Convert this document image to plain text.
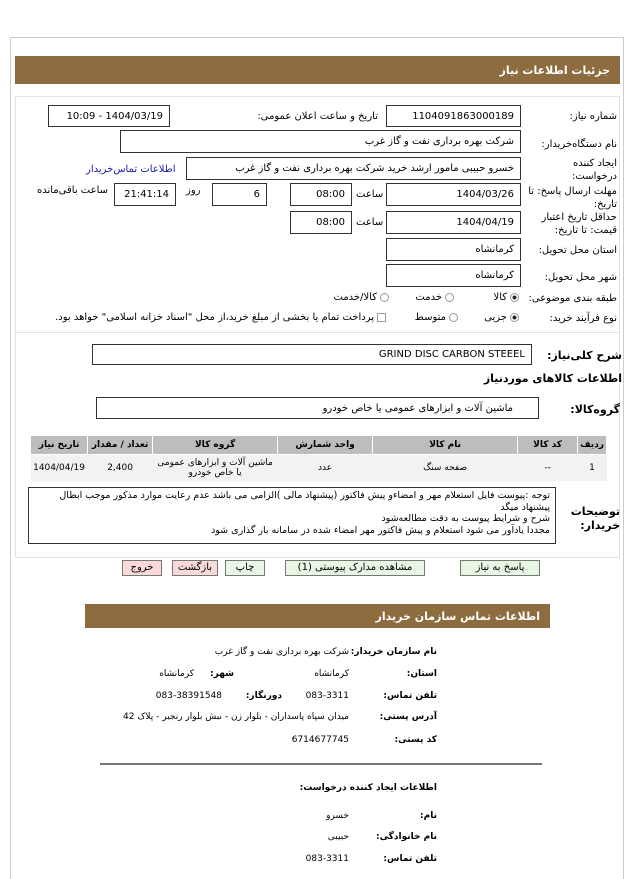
جزئیات اطلاعات نیاز
شماره نیاز:
1104091863000189
تاریخ و ساعت اعلان عمومی:
1404/03/19 - 10:09
نام دستگاه‌خریدار:
شرکت بهره برداری نفت و گاز غرب
ایجاد کننده درخواست:
خسرو حبیبی مامور ارشد خرید شرکت بهره برداری نفت و گاز غرب
اطلاعات تماس‌خریدار
مهلت ارسال پاسخ: تا تاریخ:
1404/03/26
ساعت
08:00
6
روز
21:41:14
ساعت باقی‌مانده
حداقل تاریخ اعتبار قیمت: تا تاریخ:
1404/04/19
ساعت
08:00
استان محل تحویل:
کرمانشاه
شهر محل تحویل:
کرمانشاه
طبقه بندی موضوعی:
کالا
خدمت
کالا/خدمت
نوع فرآیند خرید:
جزیی
متوسط
پرداخت تمام یا بخشی از مبلغ خرید،از محل "اسناد خزانه اسلامی" خواهد بود.
شرح کلی‌نیاز:
GRIND DISC CARBON STEEEL
اطلاعات کالاهای موردنیاز
گروه‌کالا:
ماشین آلات و ابزارهای عمومی یا خاص خودرو
ردیف	کد کالا	نام کالا	واحد شمارش	گروه کالا	تعداد / مقدار	تاریخ نیاز
1	--	صفحه سنگ	عدد	ماشین آلات و ابزارهای عمومی یا خاص خودرو	2,400	1404/04/19
توضیحات خریدار:
توجه :پیوست فایل استعلام مهر و امضاءو پیش فاکتور (پیشنهاد مالی )الزامی می باشد عدم رعایت موارد مذکور موجب ابطال پیشنهاد میگد
شرح و شرایط پیوست به دقت مطالعه‌شود
مجددا یادآور می شود استعلام و پیش فاکتور مهر امضاء شده در سامانه بار گذاری شود
پاسخ به نیاز
مشاهده مدارک پیوستی (1)
چاپ
بازگشت
خروج
اطلاعات تماس سازمان خریدار
نام سازمان خریدار:
شرکت بهره برداری نفت و گاز غرب
استان:
کرمانشاه
شهر:
کرمانشاه
تلفن تماس:
083-3311
دورنگار:
083-38391548
آدرس پستی:
میدان سپاه پاسداران - بلوار زن - نبش بلوار رنجبر - پلاک 42
کد پستی:
6714677745
اطلاعات ایجاد کننده درخواست:
نام:
خسرو
نام خانوادگی:
حبیبی
تلفن تماس:
083-3311
